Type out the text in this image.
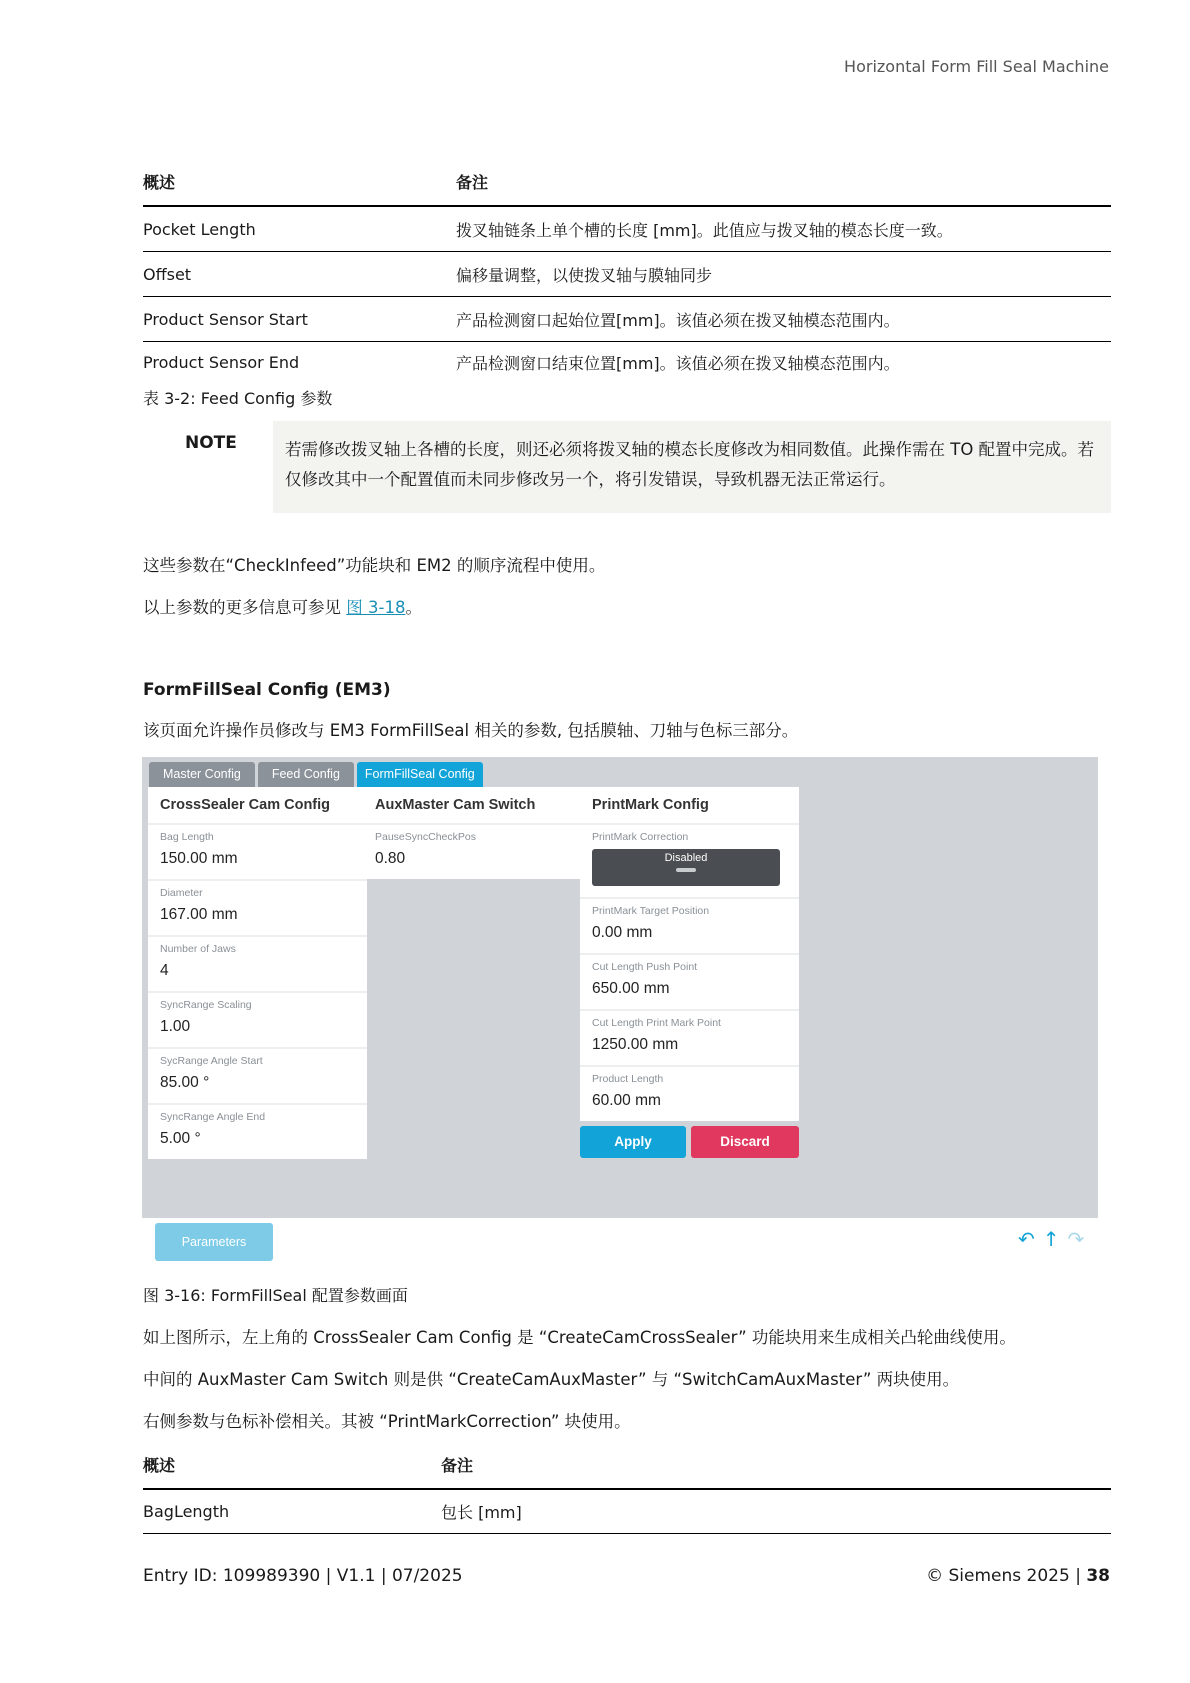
Horizontal Form Fill Seal Machine
概述	备注
Pocket Length	拨叉轴链条上单个槽的长度 [mm]。此值应与拨叉轴的模态长度一致。
Offset	偏移量调整，以使拨叉轴与膜轴同步
Product Sensor Start	产品检测窗口起始位置[mm]。该值必须在拨叉轴模态范围内。
Product Sensor End	产品检测窗口结束位置[mm]。该值必须在拨叉轴模态范围内。
表 3-2: Feed Config 参数
NOTE	若需修改拨叉轴上各槽的长度，则还必须将拨叉轴的模态长度修改为相同数值。此操作需在 TO 配置中完成。若仅修改其中一个配置值而未同步修改另一个，将引发错误，导致机器无法正常运行。
这些参数在“CheckInfeed”功能块和 EM2 的顺序流程中使用。
以上参数的更多信息可参见 图 3-18。
FormFillSeal Config (EM3)
该页面允许操作员修改与 EM3 FormFillSeal 相关的参数, 包括膜轴、刀轴与色标三部分。
Master Config	Feed Config	FormFillSeal Config
CrossSealer Cam Config
Bag Length
150.00 mm
Diameter
167.00 mm
Number of Jaws
4
SyncRange Scaling
1.00
SycRange Angle Start
85.00 °
SyncRange Angle End
5.00 °
AuxMaster Cam Switch
PauseSyncCheckPos
0.80
PrintMark Config
PrintMark Correction
Disabled
PrintMark Target Position
0.00 mm
Cut Length Push Point
650.00 mm
Cut Length Print Mark Point
1250.00 mm
Product Length
60.00 mm
Apply	Discard
Parameters	↶ ↑ ↷
图 3-16: FormFillSeal 配置参数画面
如上图所示，左上角的 CrossSealer Cam Config 是 “CreateCamCrossSealer” 功能块用来生成相关凸轮曲线使用。
中间的 AuxMaster Cam Switch 则是供 “CreateCamAuxMaster” 与 “SwitchCamAuxMaster” 两块使用。
右侧参数与色标补偿相关。其被 “PrintMarkCorrection” 块使用。
概述	备注
BagLength	包长 [mm]
Entry ID: 109989390 | V1.1 | 07/2025	© Siemens 2025 | 38
